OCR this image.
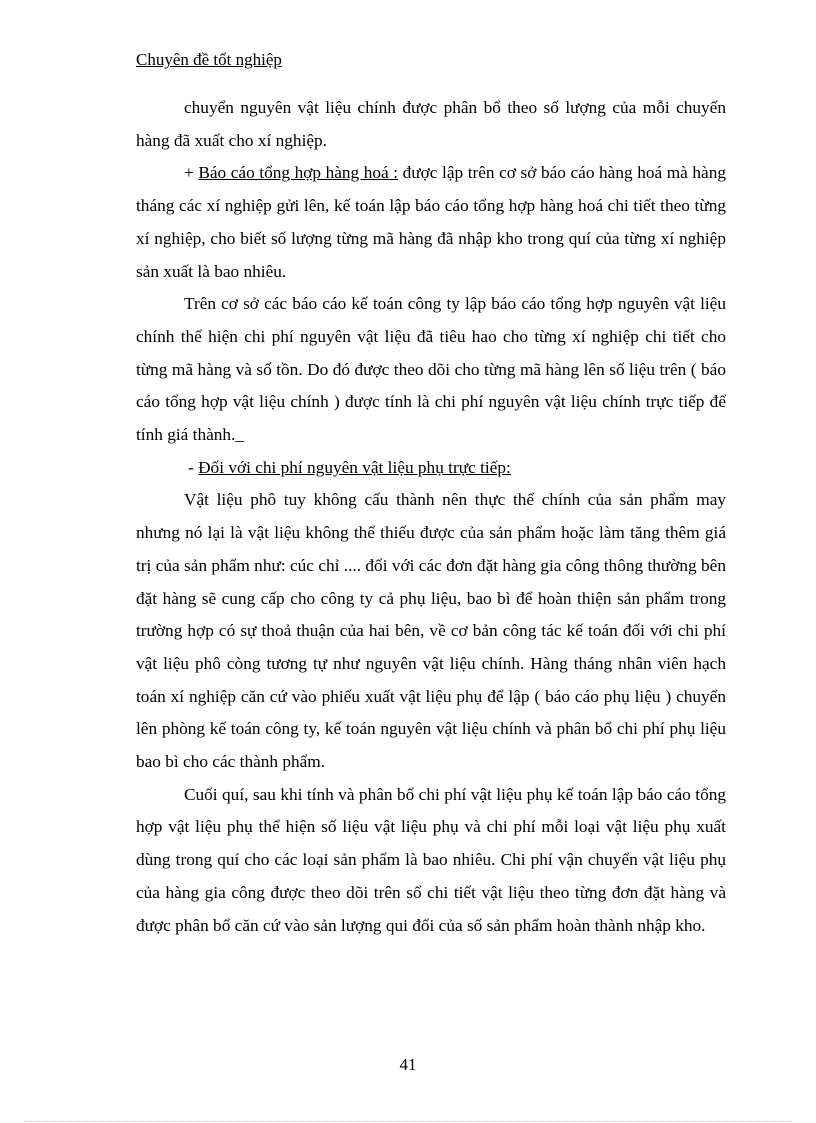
Chuyên đề tốt nghiệp

chuyển nguyên vật liệu chính được phân bổ theo số lượng của mỗi chuyến hàng đã xuất cho xí nghiệp.

+ Báo cáo tổng hợp hàng hoá : được lập trên cơ sở báo cáo hàng hoá mà hàng tháng các xí nghiệp gửi lên, kế toán lập báo cáo tổng hợp hàng hoá chi tiết theo từng xí nghiệp, cho biết số lượng từng mã hàng đã nhập kho trong quí của từng xí nghiệp sản xuất là bao nhiêu.

Trên cơ sở các báo cáo kế toán công ty lập báo cáo tổng hợp nguyên vật liệu chính thể hiện chi phí nguyên vật liệu đã tiêu hao cho từng xí nghiệp chi tiết cho từng mã hàng và số tồn. Do đó được theo dõi cho từng mã hàng lên số liệu trên ( báo cáo tổng hợp vật liệu chính ) được tính là chi phí nguyên vật liệu chính trực tiếp để tính giá thành._

- Đối với chi phí nguyên vật liệu phụ trực tiếp:

Vật liệu phô tuy không cấu thành nên thực thể chính của sản phẩm may nhưng nó lại là vật liệu không thể thiếu được của sản phẩm hoặc làm tăng thêm giá trị của sản phẩm như: cúc chỉ .... đối với các đơn đặt hàng gia công thông thường bên đặt hàng sẽ cung cấp cho công ty cả phụ liệu, bao bì để hoàn thiện sản phẩm trong trường hợp có sự thoả thuận của hai bên, về cơ bản công tác kế toán đối với chi phí vật liệu phô còng tương tự như nguyên vật liệu chính. Hàng tháng nhân viên hạch toán xí nghiệp căn cứ vào phiếu xuất vật liệu phụ để lập ( báo cáo phụ liệu ) chuyển lên phòng kế toán công ty, kế toán nguyên vật liệu chính và phân bổ chi phí phụ liệu bao bì cho các thành phẩm.

Cuối quí, sau khi tính và phân bổ chi phí vật liệu phụ kế toán lập báo cáo tổng hợp vật liệu phụ thể hiện số liệu vật liệu phụ và chi phí mỗi loại vật liệu phụ xuất dùng trong quí cho các loại sản phẩm là bao nhiêu. Chi phí vận chuyển vật liệu phụ của hàng gia công được theo dõi trên sổ chi tiết vật liệu theo từng đơn đặt hàng và được phân bổ căn cứ vào sản lượng qui đổi của số sản phẩm hoàn thành nhập kho.

41
